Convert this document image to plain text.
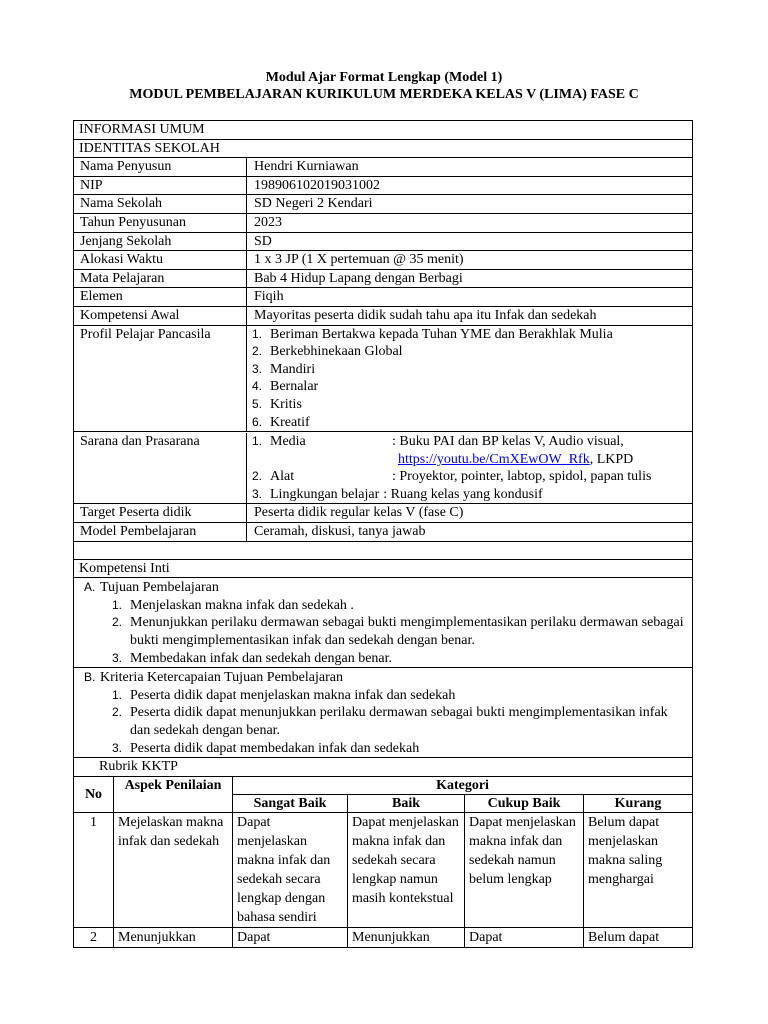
Modul Ajar Format Lengkap (Model 1)
MODUL PEMBELAJARAN KURIKULUM MERDEKA KELAS V (LIMA) FASE C
INFORMASI UMUM
IDENTITAS SEKOLAH
Nama Penyusun	Hendri Kurniawan
NIP	198906102019031002
Nama Sekolah	SD Negeri 2 Kendari
Tahun Penyusunan	2023
Jenjang Sekolah	SD
Alokasi Waktu	1 x 3 JP (1 X pertemuan @ 35 menit)
Mata Pelajaran	Bab 4 Hidup Lapang dengan Berbagi
Elemen	Fiqih
Kompetensi Awal	Mayoritas peserta didik sudah tahu apa itu Infak dan sedekah
Profil Pelajar Pancasila	1. Beriman Bertakwa kepada Tuhan YME dan Berakhlak Mulia
2. Berkebhinekaan Global
3. Mandiri
4. Bernalar
5. Kritis
6. Kreatif
Sarana dan Prasarana	1. Media	: Buku PAI dan BP kelas V, Audio visual,
https://youtu.be/CmXEwOW_Rfk, LKPD
2. Alat	: Proyektor, pointer, labtop, spidol, papan tulis
3. Lingkungan belajar : Ruang kelas yang kondusif
Target Peserta didik	Peserta didik regular kelas V (fase C)
Model Pembelajaran	Ceramah, diskusi, tanya jawab
Kompetensi Inti
A. Tujuan Pembelajaran
1. Menjelaskan makna infak dan sedekah .
2. Menunjukkan perilaku dermawan sebagai bukti mengimplementasikan perilaku dermawan sebagai bukti mengimplementasikan infak dan sedekah dengan benar.
3. Membedakan infak dan sedekah dengan benar.
B. Kriteria Ketercapaian Tujuan Pembelajaran
1. Peserta didik dapat menjelaskan makna infak dan sedekah
2. Peserta didik dapat menunjukkan perilaku dermawan sebagai bukti mengimplementasikan infak dan sedekah dengan benar.
3. Peserta didik dapat membedakan infak dan sedekah
Rubrik KKTP
No	Aspek Penilaian	Kategori			
		Sangat Baik	Baik	Cukup Baik	Kurang
1	Mejelaskan makna infak dan sedekah	Dapat menjelaskan makna infak dan sedekah secara lengkap dengan bahasa sendiri	Dapat menjelaskan makna infak dan sedekah secara lengkap namun masih kontekstual	Dapat menjelaskan makna infak dan sedekah namun belum lengkap	Belum dapat menjelaskan makna saling menghargai
2	Menunjukkan	Dapat	Menunjukkan	Dapat	Belum dapat
